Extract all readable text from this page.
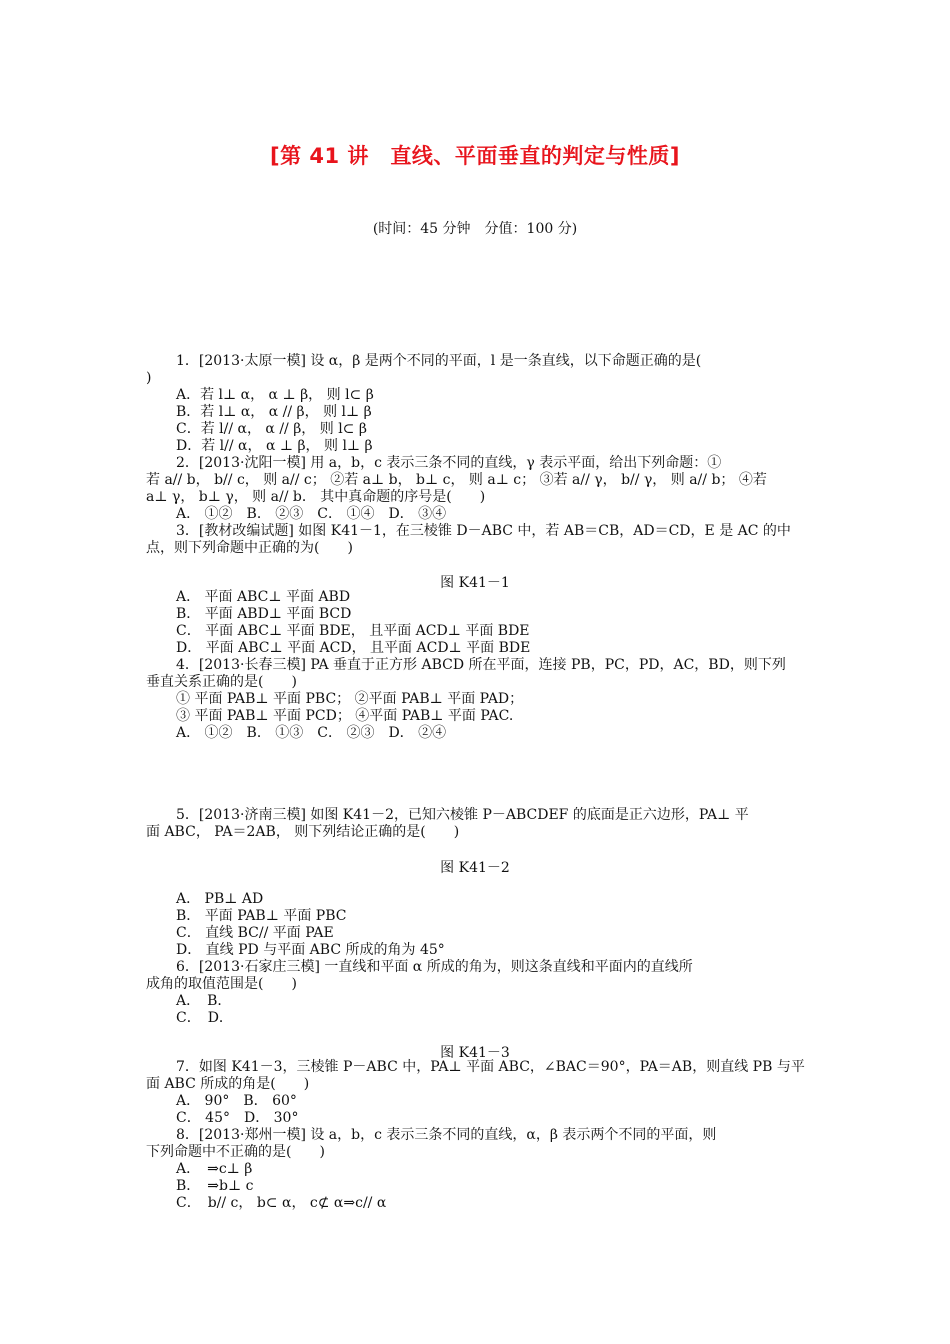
[第 41 讲　直线、平面垂直的判定与性质]
(时间：45 分钟　分值：100 分)
1．[2013·太原一模] 设 α，β 是两个不同的平面，l 是一条直线，以下命题正确的是(
)
A．若 l⊥ α， α ⊥ β， 则 l⊂ β
B．若 l⊥ α， α // β， 则 l⊥ β
C．若 l// α， α // β， 则 l⊂ β
D．若 l// α， α ⊥ β， 则 l⊥ β
2．[2013·沈阳一模] 用 a，b，c 表示三条不同的直线，γ 表示平面，给出下列命题：①
若 a// b， b// c， 则 a// c； ②若 a⊥ b， b⊥ c， 则 a⊥ c； ③若 a// γ， b// γ， 则 a// b； ④若
a⊥ γ， b⊥ γ， 则 a// b． 其中真命题的序号是(　　)
A． ①②　B． ②③　C． ①④　D． ③④
3．[教材改编试题] 如图 K41－1，在三棱锥 D－ABC 中，若 AB＝CB，AD＝CD，E 是 AC 的中
点，则下列命题中正确的为(　　)
图 K41－1
A． 平面 ABC⊥ 平面 ABD
B． 平面 ABD⊥ 平面 BCD
C． 平面 ABC⊥ 平面 BDE， 且平面 ACD⊥ 平面 BDE
D． 平面 ABC⊥ 平面 ACD， 且平面 ACD⊥ 平面 BDE
4．[2013·长春三模] PA 垂直于正方形 ABCD 所在平面，连接 PB，PC，PD，AC，BD，则下列
垂直关系正确的是(　　)
① 平面 PAB⊥ 平面 PBC； ②平面 PAB⊥ 平面 PAD；
③ 平面 PAB⊥ 平面 PCD； ④平面 PAB⊥ 平面 PAC.
A． ①②　B． ①③　C． ②③　D． ②④
5．[2013·济南三模] 如图 K41－2，已知六棱锥 P－ABCDEF 的底面是正六边形，PA⊥ 平
面 ABC， PA＝2AB， 则下列结论正确的是(　　)
图 K41－2
A． PB⊥ AD
B． 平面 PAB⊥ 平面 PBC
C． 直线 BC// 平面 PAE
D． 直线 PD 与平面 ABC 所成的角为 45°
6．[2013·石家庄三模] 一直线和平面 α 所成的角为，则这条直线和平面内的直线所
成角的取值范围是(　　)
A．　B．
C．　D．
图 K41－3
7．如图 K41－3，三棱锥 P－ABC 中，PA⊥ 平面 ABC，∠BAC＝90°，PA＝AB，则直线 PB 与平
面 ABC 所成的角是(　　)
A． 90°　B． 60°
C． 45°　D． 30°
8．[2013·郑州一模] 设 a，b，c 表示三条不同的直线，α，β 表示两个不同的平面，则
下列命题中不正确的是(　　)
A．　⇒c⊥ β
B．　⇒b⊥ c
C．　b// c， b⊂ α， c⊄ α⇒c// α
